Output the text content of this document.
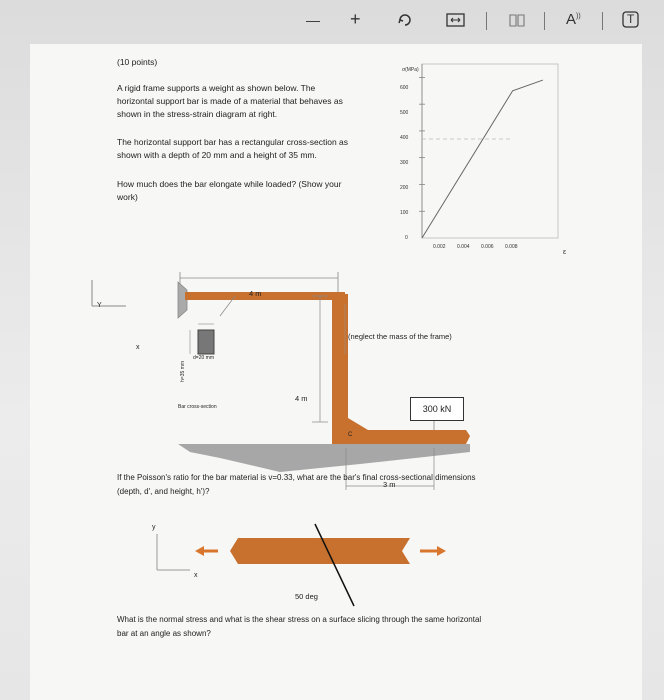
— +	A))	T
(10 points)
A rigid frame supports a weight as shown below. The
horizontal support bar is made of a material that behaves as
shown in the stress-strain diagram at right.
The horizontal support bar has a rectangular cross-section as
shown with a depth of 20 mm and a height of 35 mm.
How much does the bar elongate while loaded? (Show your
work)
σ(MPa)
600
500
400
300
200
100
0
0.002 0.004 0.006 0.008
ε
Y
x
4 m
d=20 mm
h=35 mm
Bar cross-section
(neglect the mass of the frame)
4 m
300 kN
C
3 m
If the Poisson's ratio for the bar material is v=0.33, what are the bar's final cross-sectional dimensions
(depth, d', and height, h')?
y
x
50 deg
What is the normal stress and what is the shear stress on a surface slicing through the same horizontal
bar at an angle as shown?
